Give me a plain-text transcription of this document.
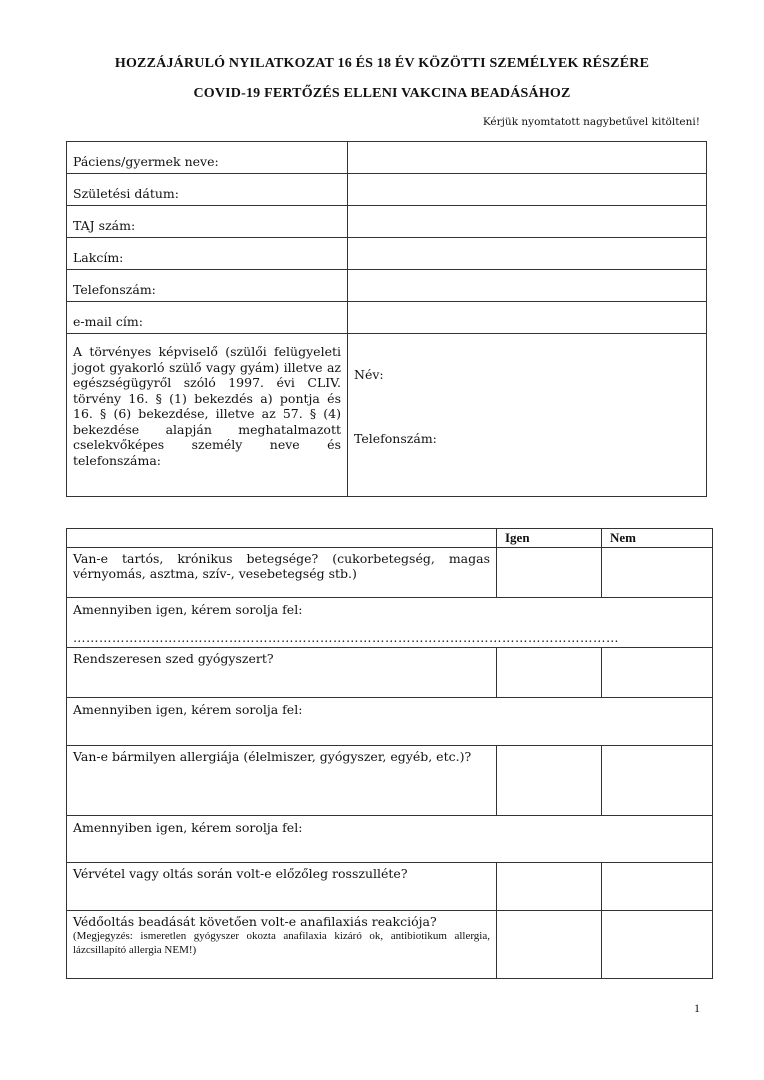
HOZZÁJÁRULÓ NYILATKOZAT 16 ÉS 18 ÉV KÖZÖTTI SZEMÉLYEK RÉSZÉRE
COVID-19 FERTŐZÉS ELLENI VAKCINA BEADÁSÁHOZ
Kérjük nyomtatott nagybetűvel kitölteni!
Páciens/gyermek neve:	
Születési dátum:	
TAJ szám:	
Lakcím:	
Telefonszám:	
e-mail cím:	

A törvényes képviselő (szülői felügyeleti jogot gyakorló szülő vagy gyám) illetve az egészségügyről szóló 1997. évi CLIV. törvény 16. § (1) bekezdés a) pontja és 16. § (6) bekezdése, illetve az 57. § (4) bekezdése alapján meghatalmazott cselekvőképes személy neve és telefonszáma:	Név:
Telefonszám:
	Igen	Nem
Van-e tartós, krónikus betegsége? (cukorbetegség, magas vérnyomás, asztma, szív-, vesebetegség stb.)		
Amennyiben igen, kérem sorolja fel:
………………………………………………………………………………………………………………		

Rendszeresen szed gyógyszert?		
Amennyiben igen, kérem sorolja fel:		
Van-e bármilyen allergiája (élelmiszer, gyógyszer, egyéb, etc.)?		
Amennyiben igen, kérem sorolja fel:		
Vérvétel vagy oltás során volt-e előzőleg rosszulléte?		

Védőoltás beadását követően volt-e anafilaxiás reakciója?
(Megjegyzés: ismeretlen gyógyszer okozta anafilaxia kizáró ok, antibiotikum allergia, lázcsillapító allergia NEM!)		

1
